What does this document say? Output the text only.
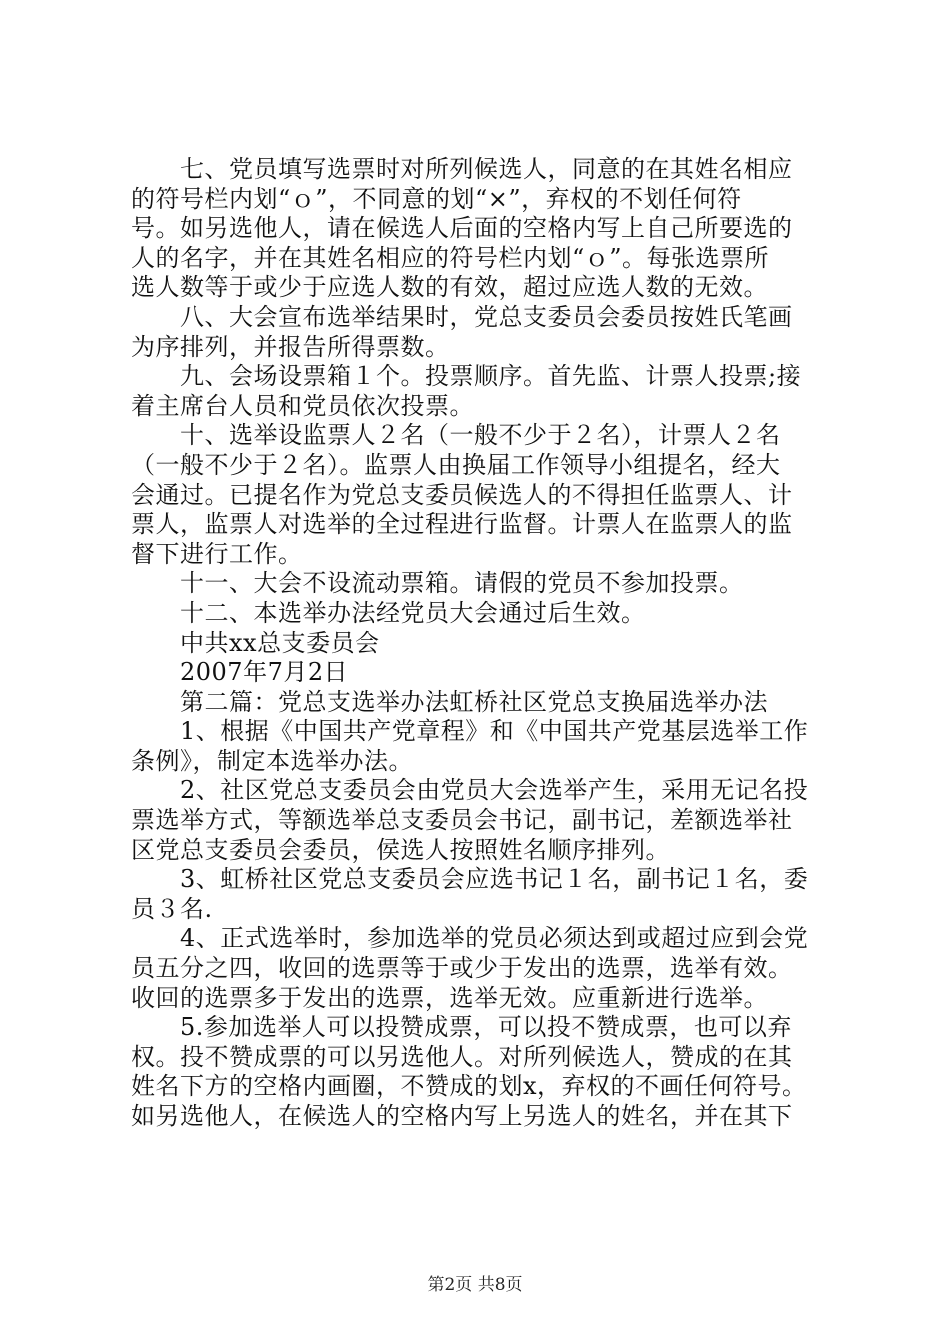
　　七、党员填写选票时对所列候选人，同意的在其姓名相应
的符号栏内划“ｏ”，不同意的划“×”，弃权的不划任何符
号。如另选他人，请在候选人后面的空格内写上自己所要选的
人的名字，并在其姓名相应的符号栏内划“ｏ”。每张选票所
选人数等于或少于应选人数的有效，超过应选人数的无效。
　　八、大会宣布选举结果时，党总支委员会委员按姓氏笔画
为序排列，并报告所得票数。
　　九、会场设票箱１个。投票顺序。首先监、计票人投票;接
着主席台人员和党员依次投票。
　　十、选举设监票人２名（一般不少于２名），计票人２名
（一般不少于２名）。监票人由换届工作领导小组提名，经大
会通过。已提名作为党总支委员候选人的不得担任监票人、计
票人，监票人对选举的全过程进行监督。计票人在监票人的监
督下进行工作。
　　十一、大会不设流动票箱。请假的党员不参加投票。
　　十二、本选举办法经党员大会通过后生效。
　　中共xx总支委员会
　　2007年7月2日
　　第二篇：党总支选举办法虹桥社区党总支换届选举办法
　　1、根据《中国共产党章程》和《中国共产党基层选举工作
条例》，制定本选举办法。
　　2、社区党总支委员会由党员大会选举产生，采用无记名投
票选举方式，等额选举总支委员会书记，副书记，差额选举社
区党总支委员会委员，侯选人按照姓名顺序排列。
　　3、虹桥社区党总支委员会应选书记１名，副书记１名，委
员３名.
　　4、正式选举时，参加选举的党员必须达到或超过应到会党
员五分之四，收回的选票等于或少于发出的选票，选举有效。
收回的选票多于发出的选票，选举无效。应重新进行选举。
　　5.参加选举人可以投赞成票，可以投不赞成票，也可以弃
权。投不赞成票的可以另选他人。对所列候选人，赞成的在其
姓名下方的空格内画圈，不赞成的划x，弃权的不画任何符号。
如另选他人，在候选人的空格内写上另选人的姓名，并在其下
第2页 共8页
